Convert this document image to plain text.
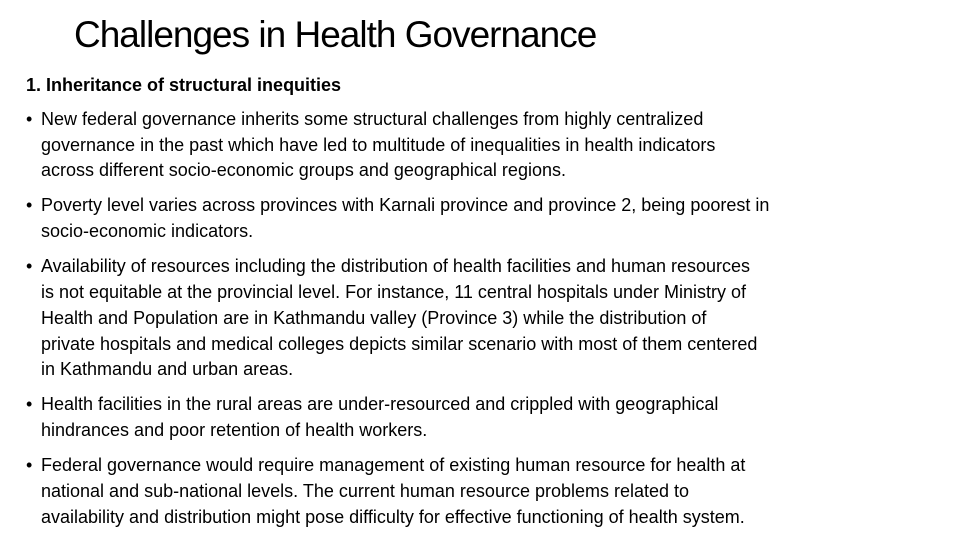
Challenges in Health Governance

1. Inheritance of structural inequities

• New federal governance inherits some structural challenges from highly centralized
governance in the past which have led to multitude of inequalities in health indicators
across different socio-economic groups and geographical regions.
• Poverty level varies across provinces with Karnali province and province 2, being poorest in
socio-economic indicators.
• Availability of resources including the distribution of health facilities and human resources
is not equitable at the provincial level. For instance, 11 central hospitals under Ministry of
Health and Population are in Kathmandu valley (Province 3) while the distribution of
private hospitals and medical colleges depicts similar scenario with most of them centered
in Kathmandu and urban areas.
• Health facilities in the rural areas are under-resourced and crippled with geographical
hindrances and poor retention of health workers.
• Federal governance would require management of existing human resource for health at
national and sub-national levels. The current human resource problems related to
availability and distribution might pose difficulty for effective functioning of health system.
